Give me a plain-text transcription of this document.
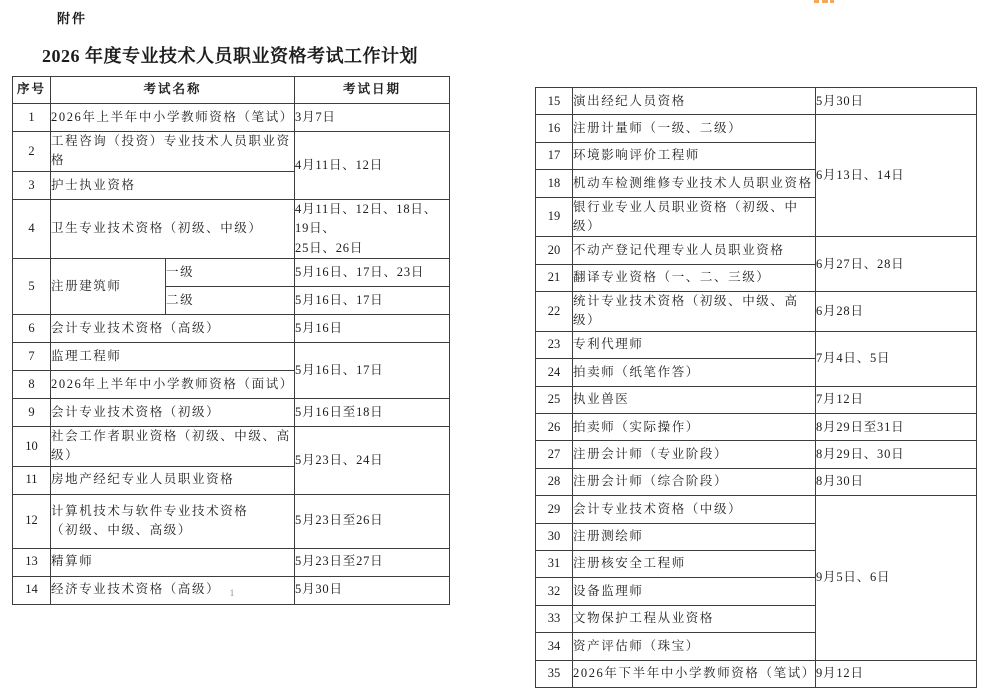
附件
2026 年度专业技术人员职业资格考试工作计划
序号	考试名称		考试日期
1	2026年上半年中小学教师资格（笔试）		3月7日
2	工程咨询（投资）专业技术人员职业资格		4月11日、12日
3	护士执业资格		
4	卫生专业技术资格（初级、中级）		4月11日、12日、18日、19日、
25日、26日
5	注册建筑师	一级	5月16日、17日、23日
		二级	5月16日、17日
6	会计专业技术资格（高级）		5月16日
7	监理工程师		5月16日、17日
8	2026年上半年中小学教师资格（面试）		
9	会计专业技术资格（初级）		5月16日至18日
10	社会工作者职业资格（初级、中级、高级）		5月23日、24日
11	房地产经纪专业人员职业资格		
12	计算机技术与软件专业技术资格
（初级、中级、高级）		5月23日至26日
13	精算师		5月23日至27日
14	经济专业技术资格（高级）		5月30日
15	演出经纪人员资格	5月30日
16	注册计量师（一级、二级）	6月13日、14日
17	环境影响评价工程师	
18	机动车检测维修专业技术人员职业资格	
19	银行业专业人员职业资格（初级、中级）	
20	不动产登记代理专业人员职业资格	6月27日、28日
21	翻译专业资格（一、二、三级）	
22	统计专业技术资格（初级、中级、高级）	6月28日
23	专利代理师	7月4日、5日
24	拍卖师（纸笔作答）	
25	执业兽医	7月12日
26	拍卖师（实际操作）	8月29日至31日
27	注册会计师（专业阶段）	8月29日、30日
28	注册会计师（综合阶段）	8月30日
29	会计专业技术资格（中级）	9月5日、6日
30	注册测绘师	
31	注册核安全工程师	
32	设备监理师	
33	文物保护工程从业资格	
34	资产评估师（珠宝）	
35	2026年下半年中小学教师资格（笔试）	9月12日
1
